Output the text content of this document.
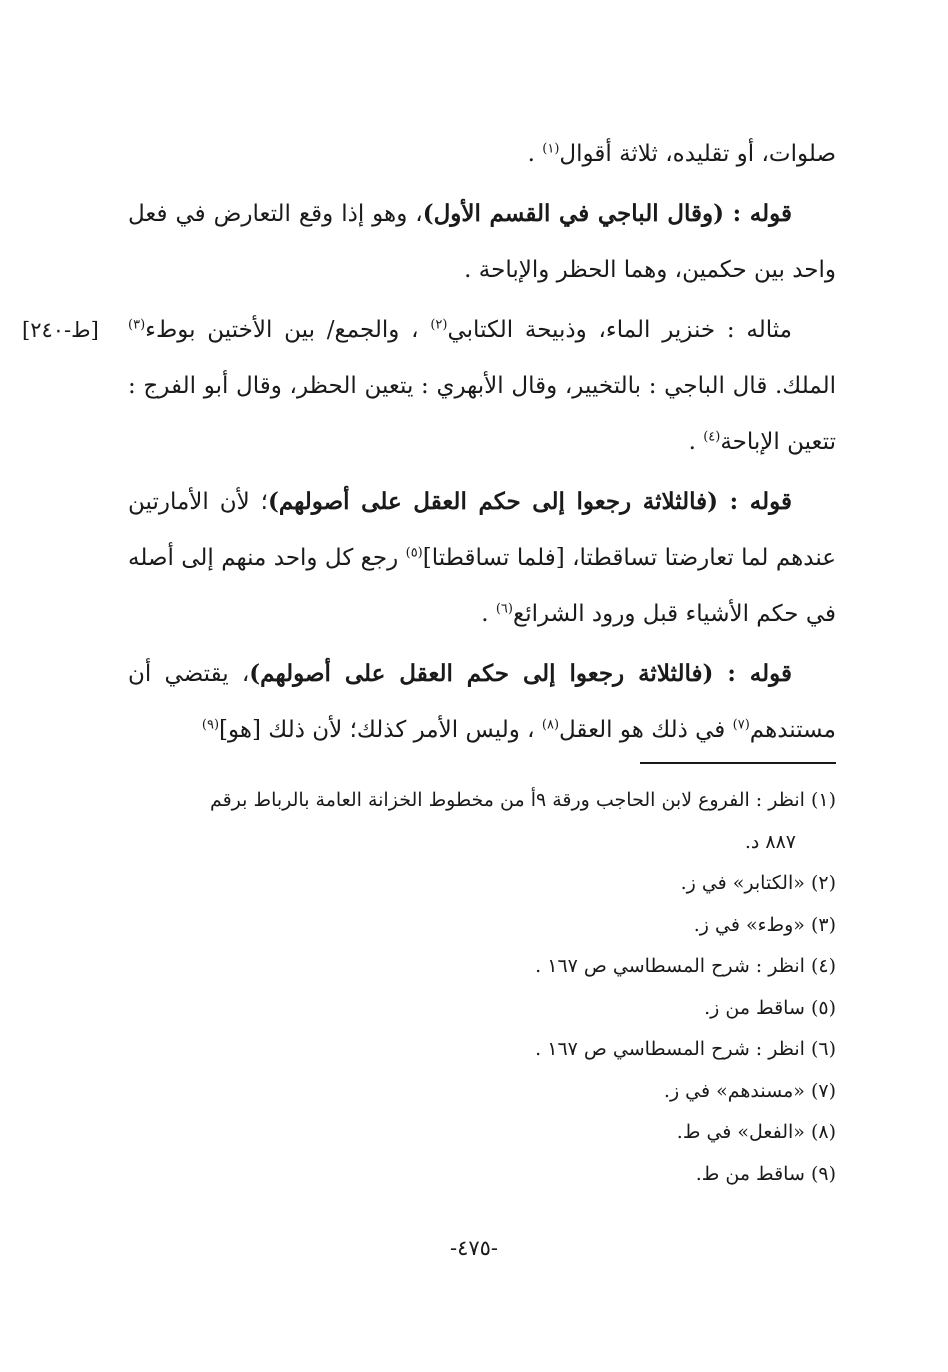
صلوات، أو تقليده، ثلاثة أقوال$^{(١)}$ .

قوله : (وقال الباجي في القسم الأول)، وهو إذا وقع التعارض في فعل واحد بين حكمين، وهما الحظر والإباحة .

مثاله : خنزير الماء، وذبيحة الكتابي$^{(٢)}$ ، والجمع/ بين الأختين بوطء$^{(٣)}$ الملك. قال الباجي : بالتخيير، وقال الأبهري : يتعين الحظر، وقال أبو الفرج : تتعين الإباحة$^{(٤)}$ .

قوله : (فالثلاثة رجعوا إلى حكم العقل على أصولهم)؛ لأن الأمارتين عندهم لما تعارضتا تساقطتا، [فلما تساقطتا]$^{(٥)}$ رجع كل واحد منهم إلى أصله في حكم الأشياء قبل ورود الشرائع$^{(٦)}$ .

قوله : (فالثلاثة رجعوا إلى حكم العقل على أصولهم)، يقتضي أن مستندهم$^{(٧)}$ في ذلك هو العقل$^{(٨)}$ ، وليس الأمر كذلك؛ لأن ذلك [هو]$^{(٩)}$

[ط-٢٤٠]

(١) انظر : الفروع لابن الحاجب ورقة ٩أ من مخطوط الخزانة العامة بالرباط برقم

٨٨٧ د.

(٢) «الكتابر» في ز.

(٣) «وطء» في ز.

(٤) انظر : شرح المسطاسي ص ١٦٧ .

(٥) ساقط من ز.

(٦) انظر : شرح المسطاسي ص ١٦٧ .

(٧) «مسندهم» في ز.

(٨) «الفعل» في ط.

(٩) ساقط من ط.

-٤٧٥-
